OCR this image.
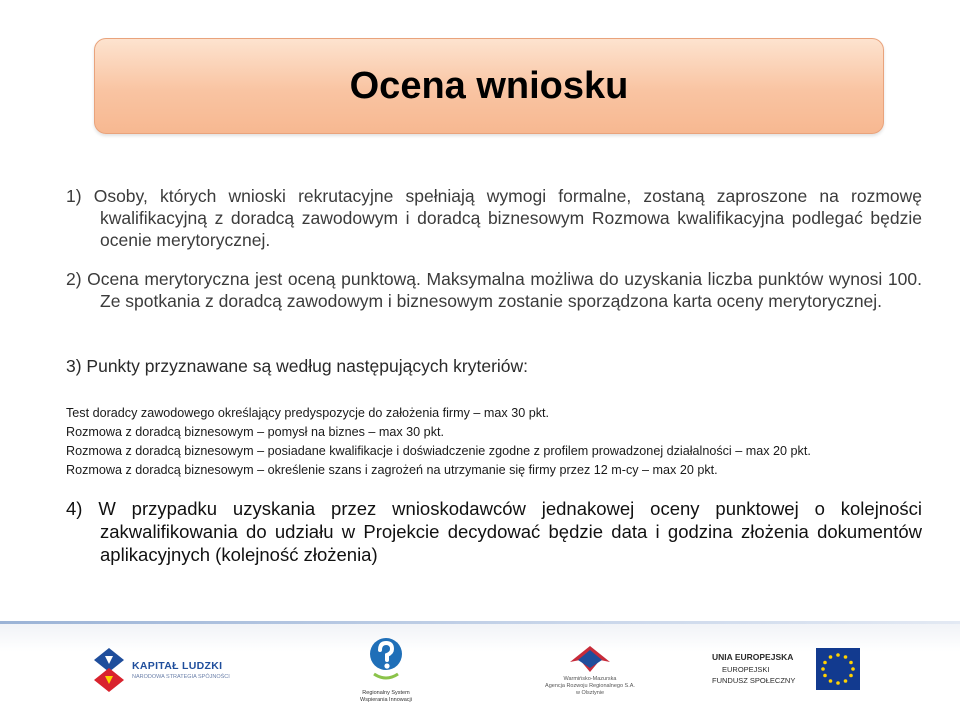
Ocena wniosku

1) Osoby, których wnioski rekrutacyjne spełniają wymogi formalne, zostaną zaproszone na rozmowę kwalifikacyjną z doradcą zawodowym i doradcą biznesowym Rozmowa kwalifikacyjna podlegać będzie ocenie merytorycznej.

2) Ocena merytoryczna jest oceną punktową. Maksymalna możliwa do uzyskania liczba punktów wynosi 100. Ze spotkania z doradcą zawodowym i biznesowym zostanie sporządzona karta oceny merytorycznej.

3) Punkty przyznawane są według następujących kryteriów:

Test doradcy zawodowego określający predyspozycje do założenia firmy – max 30 pkt.
Rozmowa z doradcą biznesowym – pomysł na biznes – max 30 pkt.
Rozmowa z doradcą biznesowym – posiadane kwalifikacje i doświadczenie zgodne z profilem prowadzonej działalności – max 20 pkt.
Rozmowa z doradcą biznesowym – określenie szans i zagrożeń na utrzymanie się firmy przez 12 m-cy – max 20 pkt.

4) W przypadku uzyskania przez wnioskodawców jednakowej oceny punktowej o kolejności zakwalifikowania do udziału w Projekcie decydować będzie data i godzina złożenia dokumentów aplikacyjnych (kolejność złożenia)

KAPITAŁ LUDZKI
NARODOWA STRATEGIA SPÓJNOŚCI
Regionalny System
Wspierania Innowacji
Warmińsko-Mazurska
Agencja Rozwoju Regionalnego S.A.
w Olsztynie
UNIA EUROPEJSKA
EUROPEJSKI
FUNDUSZ SPOŁECZNY
